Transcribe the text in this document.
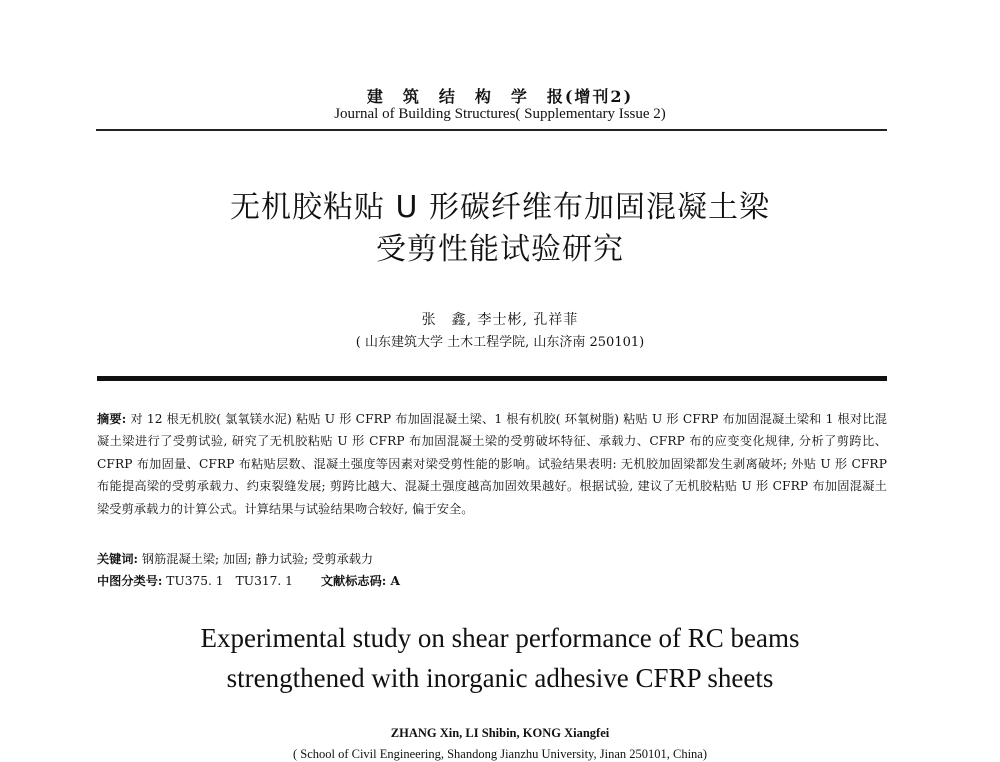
建　筑　结　构　学　报(增刊2)
Journal of Building Structures( Supplementary Issue 2)
无机胶粘贴 U 形碳纤维布加固混凝土梁
受剪性能试验研究
张　鑫, 李士彬, 孔祥菲
( 山东建筑大学 土木工程学院, 山东济南 250101)
摘要: 对 12 根无机胶( 氯氧镁水泥) 粘贴 U 形 CFRP 布加固混凝土梁、1 根有机胶( 环氧树脂) 粘贴 U 形 CFRP 布加固混凝土梁和 1 根对比混凝土梁进行了受剪试验, 研究了无机胶粘贴 U 形 CFRP 布加固混凝土梁的受剪破坏特征、承载力、CFRP 布的应变变化规律, 分析了剪跨比、CFRP 布加固量、CFRP 布粘贴层数、混凝土强度等因素对梁受剪性能的影响。试验结果表明: 无机胶加固梁都发生剥离破坏; 外贴 U 形 CFRP 布能提高梁的受剪承载力、约束裂缝发展; 剪跨比越大、混凝土强度越高加固效果越好。根据试验, 建议了无机胶粘贴 U 形 CFRP 布加固混凝土梁受剪承载力的计算公式。计算结果与试验结果吻合较好, 偏于安全。
关键词: 钢筋混凝土梁; 加固; 静力试验; 受剪承载力
中图分类号: TU375. 1　TU317. 1 文献标志码: A
Experimental study on shear performance of RC beams
strengthened with inorganic adhesive CFRP sheets
ZHANG Xin, LI Shibin, KONG Xiangfei
( School of Civil Engineering, Shandong Jianzhu University, Jinan 250101, China)
